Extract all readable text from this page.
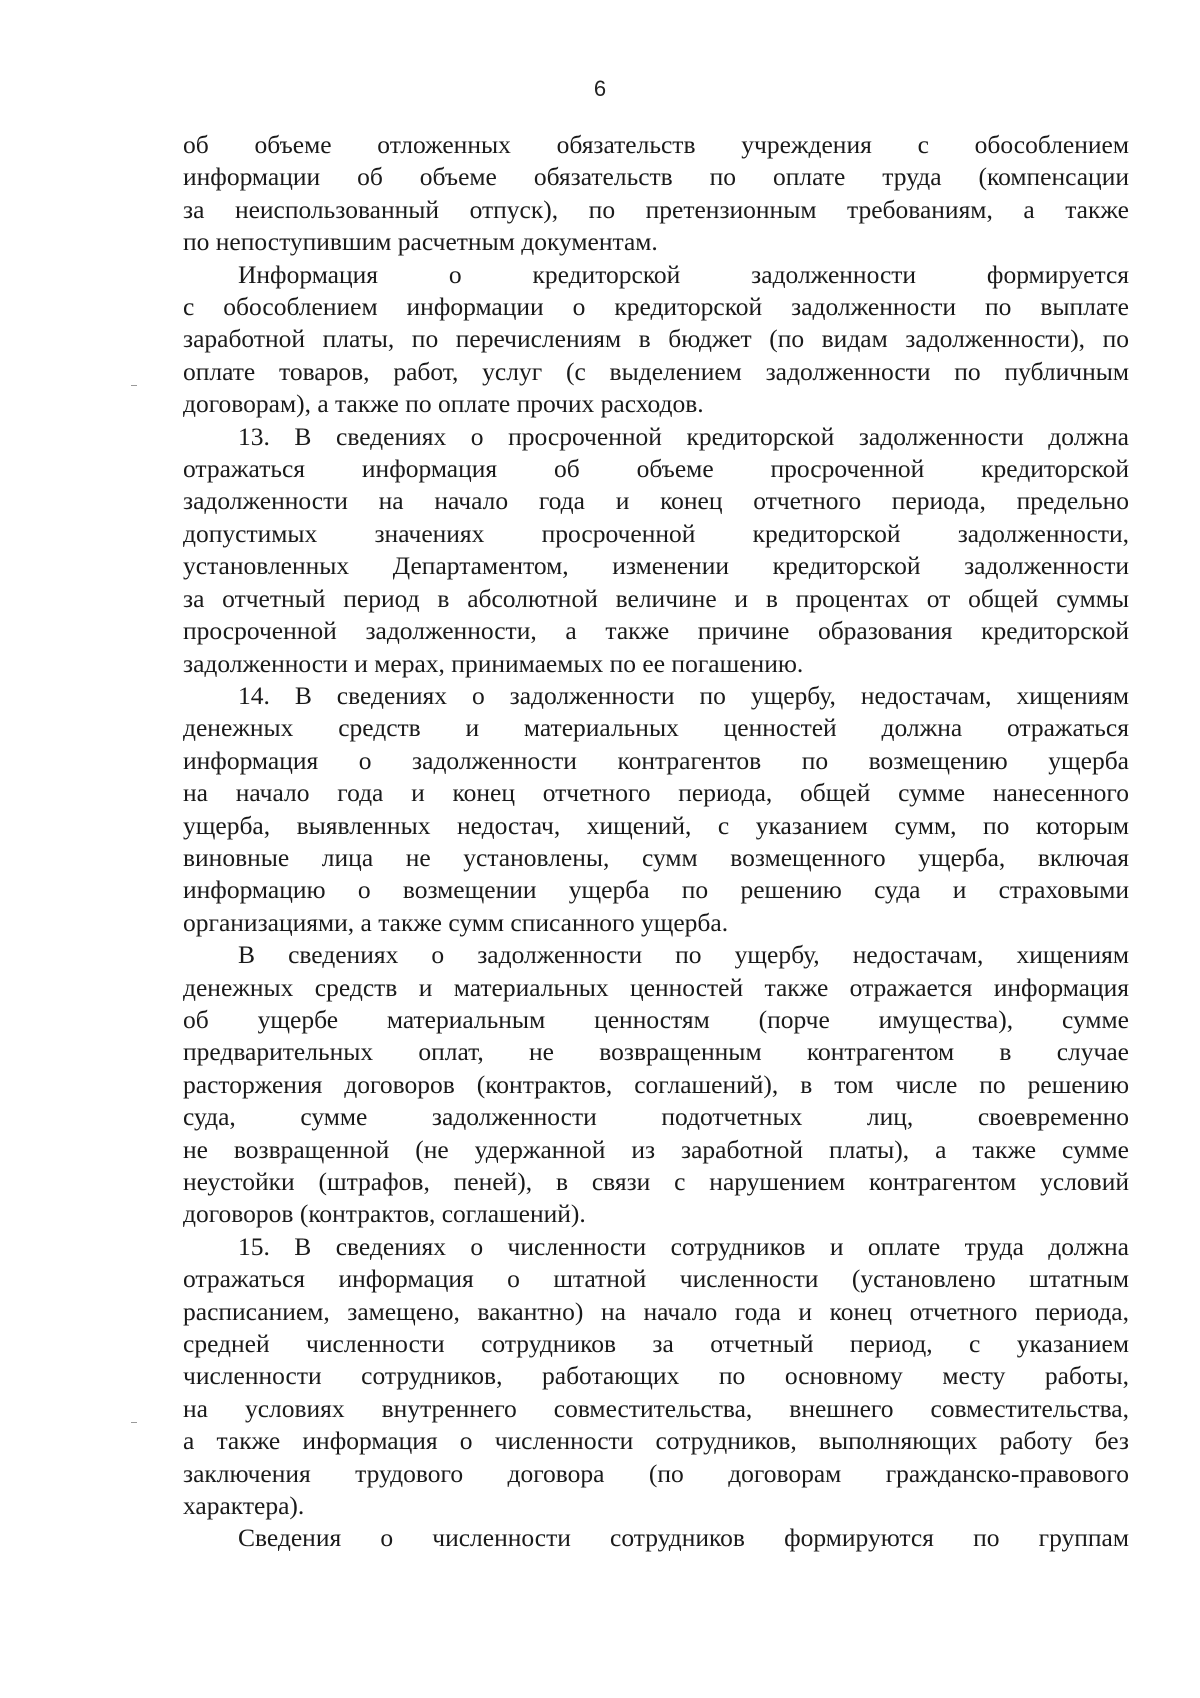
6
об объеме отложенных обязательств учреждения с обособлением
информации об объеме обязательств по оплате труда (компенсации
за неиспользованный отпуск), по претензионным требованиям, а также
по непоступившим расчетным документам.
Информация о кредиторской задолженности формируется
с обособлением информации о кредиторской задолженности по выплате
заработной платы, по перечислениям в бюджет (по видам задолженности), по
оплате товаров, работ, услуг (с выделением задолженности по публичным
договорам), а также по оплате прочих расходов.
13. В сведениях о просроченной кредиторской задолженности должна
отражаться информация об объеме просроченной кредиторской
задолженности на начало года и конец отчетного периода, предельно
допустимых значениях просроченной кредиторской задолженности,
установленных Департаментом, изменении кредиторской задолженности
за отчетный период в абсолютной величине и в процентах от общей суммы
просроченной задолженности, а также причине образования кредиторской
задолженности и мерах, принимаемых по ее погашению.
14. В сведениях о задолженности по ущербу, недостачам, хищениям
денежных средств и материальных ценностей должна отражаться
информация о задолженности контрагентов по возмещению ущерба
на начало года и конец отчетного периода, общей сумме нанесенного
ущерба, выявленных недостач, хищений, с указанием сумм, по которым
виновные лица не установлены, сумм возмещенного ущерба, включая
информацию о возмещении ущерба по решению суда и страховыми
организациями, а также сумм списанного ущерба.
В сведениях о задолженности по ущербу, недостачам, хищениям
денежных средств и материальных ценностей также отражается информация
об ущербе материальным ценностям (порче имущества), сумме
предварительных оплат, не возвращенным контрагентом в случае
расторжения договоров (контрактов, соглашений), в том числе по решению
суда, сумме задолженности подотчетных лиц, своевременно
не возвращенной (не удержанной из заработной платы), а также сумме
неустойки (штрафов, пеней), в связи с нарушением контрагентом условий
договоров (контрактов, соглашений).
15. В сведениях о численности сотрудников и оплате труда должна
отражаться информация о штатной численности (установлено штатным
расписанием, замещено, вакантно) на начало года и конец отчетного периода,
средней численности сотрудников за отчетный период, с указанием
численности сотрудников, работающих по основному месту работы,
на условиях внутреннего совместительства, внешнего совместительства,
а также информация о численности сотрудников, выполняющих работу без
заключения трудового договора (по договорам гражданско-правового
характера).
Сведения о численности сотрудников формируются по группам
